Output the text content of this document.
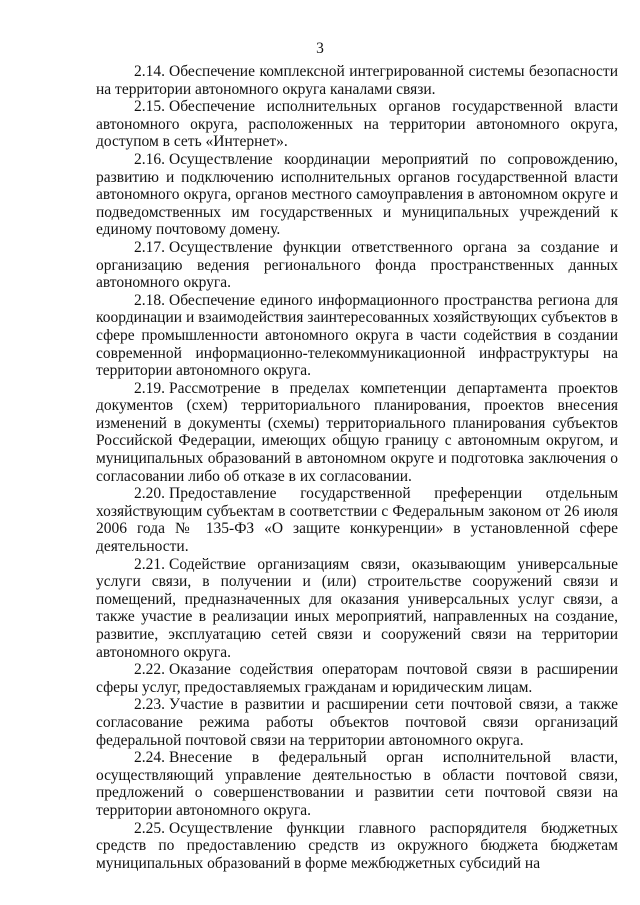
3

2.14. Обеспечение комплексной интегрированной системы безопасности на территории автономного округа каналами связи.

2.15. Обеспечение исполнительных органов государственной власти автономного округа, расположенных на территории автономного округа, доступом в сеть «Интернет».

2.16. Осуществление координации мероприятий по сопровождению, развитию и подключению исполнительных органов государственной власти автономного округа, органов местного самоуправления в автономном округе и подведомственных им государственных и муниципальных учреждений к единому почтовому домену.

2.17. Осуществление функции ответственного органа за создание и организацию ведения регионального фонда пространственных данных автономного округа.

2.18. Обеспечение единого информационного пространства региона для координации и взаимодействия заинтересованных хозяйствующих субъектов в сфере промышленности автономного округа в части содействия в создании современной информационно-телекоммуникационной инфраструктуры на территории автономного округа.

2.19. Рассмотрение в пределах компетенции департамента проектов документов (схем) территориального планирования, проектов внесения изменений в документы (схемы) территориального планирования субъектов Российской Федерации, имеющих общую границу с автономным округом, и муниципальных образований в автономном округе и подготовка заключения о согласовании либо об отказе в их согласовании.

2.20. Предоставление государственной преференции отдельным хозяйствующим субъектам в соответствии с Федеральным законом от 26 июля 2006 года № 135-ФЗ «О защите конкуренции» в установленной сфере деятельности.

2.21. Содействие организациям связи, оказывающим универсальные услуги связи, в получении и (или) строительстве сооружений связи и помещений, предназначенных для оказания универсальных услуг связи, а также участие в реализации иных мероприятий, направленных на создание, развитие, эксплуатацию сетей связи и сооружений связи на территории автономного округа.

2.22. Оказание содействия операторам почтовой связи в расширении сферы услуг, предоставляемых гражданам и юридическим лицам.

2.23. Участие в развитии и расширении сети почтовой связи, а также согласование режима работы объектов почтовой связи организаций федеральной почтовой связи на территории автономного округа.

2.24. Внесение в федеральный орган исполнительной власти, осуществляющий управление деятельностью в области почтовой связи, предложений о совершенствовании и развитии сети почтовой связи на территории автономного округа.

2.25. Осуществление функции главного распорядителя бюджетных средств по предоставлению средств из окружного бюджета бюджетам муниципальных образований в форме межбюджетных субсидий на
